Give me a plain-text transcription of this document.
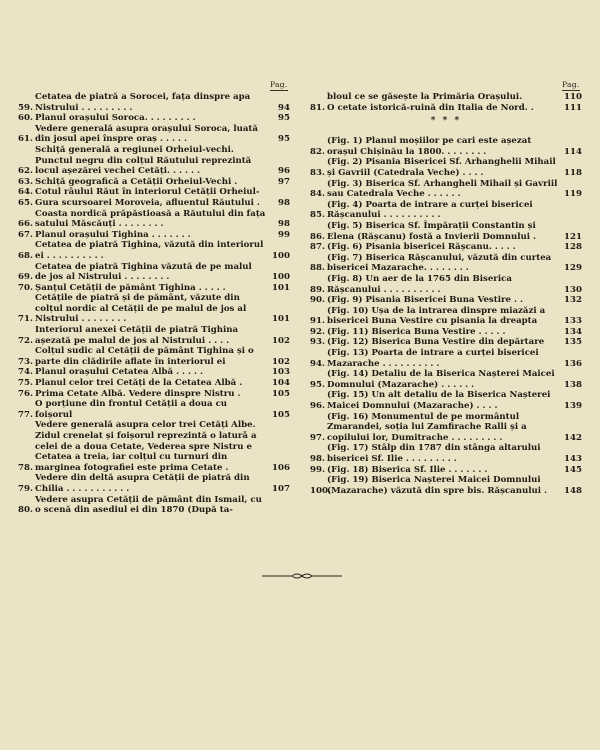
Pag.	Pag.
59.
Cetatea de piatră a Sorocei, fața dinspre apa Nistrului . . . . . . . . .	94
60. Planul orașului Soroca. . . . . . . . .	95
61.
Vedere generală asupra orașului Soroca, luată din josul apei înspre oraș . . . . .	95
62.
Schiță generală a regiunei Orheiul-vechi. Punctul negru din colțul Răutului reprezintă locul așezărei vechei Cetăți. . . . . .	96
63. Schiță geografică a Cetății Orheiul-Vechi .	97
64. Cotul râului Răut în interiorul Cetății Orheiul-
65. Gura scursoarei Moroveia, afluentul Răutului .	98
66.
Coasta nordică prăpăstioasă a Răutului din fața satului Măscăuți . . . . . . . .	98
67. Planul orașului Tighina . . . . . . .	99
68.
Cetatea de piatră Tighina, văzută din interiorul ei . . . . . . . . . .	100
69.
Cetatea de piatră Tighina văzută de pe malul de jos al Nistrului . . . . . . . .	100
70. Șanțul Cetății de pământ Tighina . . . . .	101
71.
Cetățile de piatră și de pământ, văzute din colțul nordic al Cetății de pe malul de jos al Nistrului . . . . . . . .	101
72.
Interiorul anexei Cetății de piatră Tighina așezată pe malul de jos al Nistrului . . . .	102
73.
Colțul sudic al Cetății de pământ Tighina și o parte din clădirile aflate în interiorul ei	102
74. Planul orașului Cetatea Albă . . . . .	103
75. Planul celor trei Cetăți de la Cetatea Albă .	104
76. Prima Cetate Albă. Vedere dinspre Nistru .	105
77.
O porțiune din frontul Cetății a doua cu foișorul	105
78.
Vedere generală asupra celor trei Cetăți Albe. Zidul crenelat și foișorul reprezintă o laturǎ a celei de a doua Cetate, Vederea spre Nistru e Cetatea a treia, iar colțul cu turnuri din marginea fotografiei este prima Cetate .	106
79.
Vedere din deltă asupra Cetății de piatră din Chilia . . . . . . . . . . .	107
80.
Vedere asupra Cetății de pământ din Ismail, cu o scenă din asediul ei din 1870 (După ta-
bloul ce se găsește la Primăria Orașului.	110
81. O cetate istorică-ruină din Italia de Nord. .	111
* * *
82.
(Fig. 1) Planul moșiilor pe cari este așezat orașul Chișinău la 1800. . . . . . . .	114
83.
(Fig. 2) Pisania Bisericei Sf. Arhanghelii Mihail și Gavriil (Catedrala Veche) . . . .	118
84.
(Fig. 3) Biserica Sf. Arhangheli Mihail și Gavriil sau Catedrala Veche . . . . . .	119
85.
(Fig. 4) Poarta de intrare a curței bisericei Rășcanului . . . . . . . . . .
86.
(Fig. 5) Biserica Sf. Împărații Constantin și Elena (Rășcanu) fostă a Invierii Domnului .	121
87. (Fig. 6) Pisania bisericei Rășcanu. . . . .	128
88.
(Fig. 7) Biserica Rășcanului, văzută din curtea bisericei Mazarache. . . . . . . .	129
89.
(Fig. 8) Un aer de la 1765 din Biserica Rășcanului . . . . . . . . . .	130
90. (Fig. 9) Pisania Bisericei Buna Vestire . .	132
91.
(Fig. 10) Ușa de la intrarea dinspre miazăzi a bisericei Buna Vestire cu pisania la dreapta	133
92. (Fig. 11) Biserica Buna Vestire . . . . .	134
93. (Fig. 12) Biserica Buna Vestire din depărtare	135
94.
(Fig. 13) Poarta de intrare a curței bisericei Mazarache . . . . . . . . . .	136
95.
(Fig. 14) Detaliu de la Biserica Nașterei Maicei Domnului (Mazarache) . . . . . .	138
96.
(Fig. 15) Un alt detaliu de la Biserica Nașterei Maicei Domnului (Mazarache) . . . .	139
97.
(Fig. 16) Monumentul de pe mormântul Zmarandei, soția lui Zamfirache Ralli și a copilului lor, Dumitrache . . . . . . . . .	142
98.
(Fig. 17) Stâlp din 1787 din stânga altarului bisericei Sf. Ilie . . . . . . . . .	143
99. (Fig. 18) Biserica Sf. Ilie . . . . . . .	145
100.
(Fig. 19) Biserica Nașterei Maicei Domnului (Mazarache) văzută din spre bis. Rășcanului .	148
